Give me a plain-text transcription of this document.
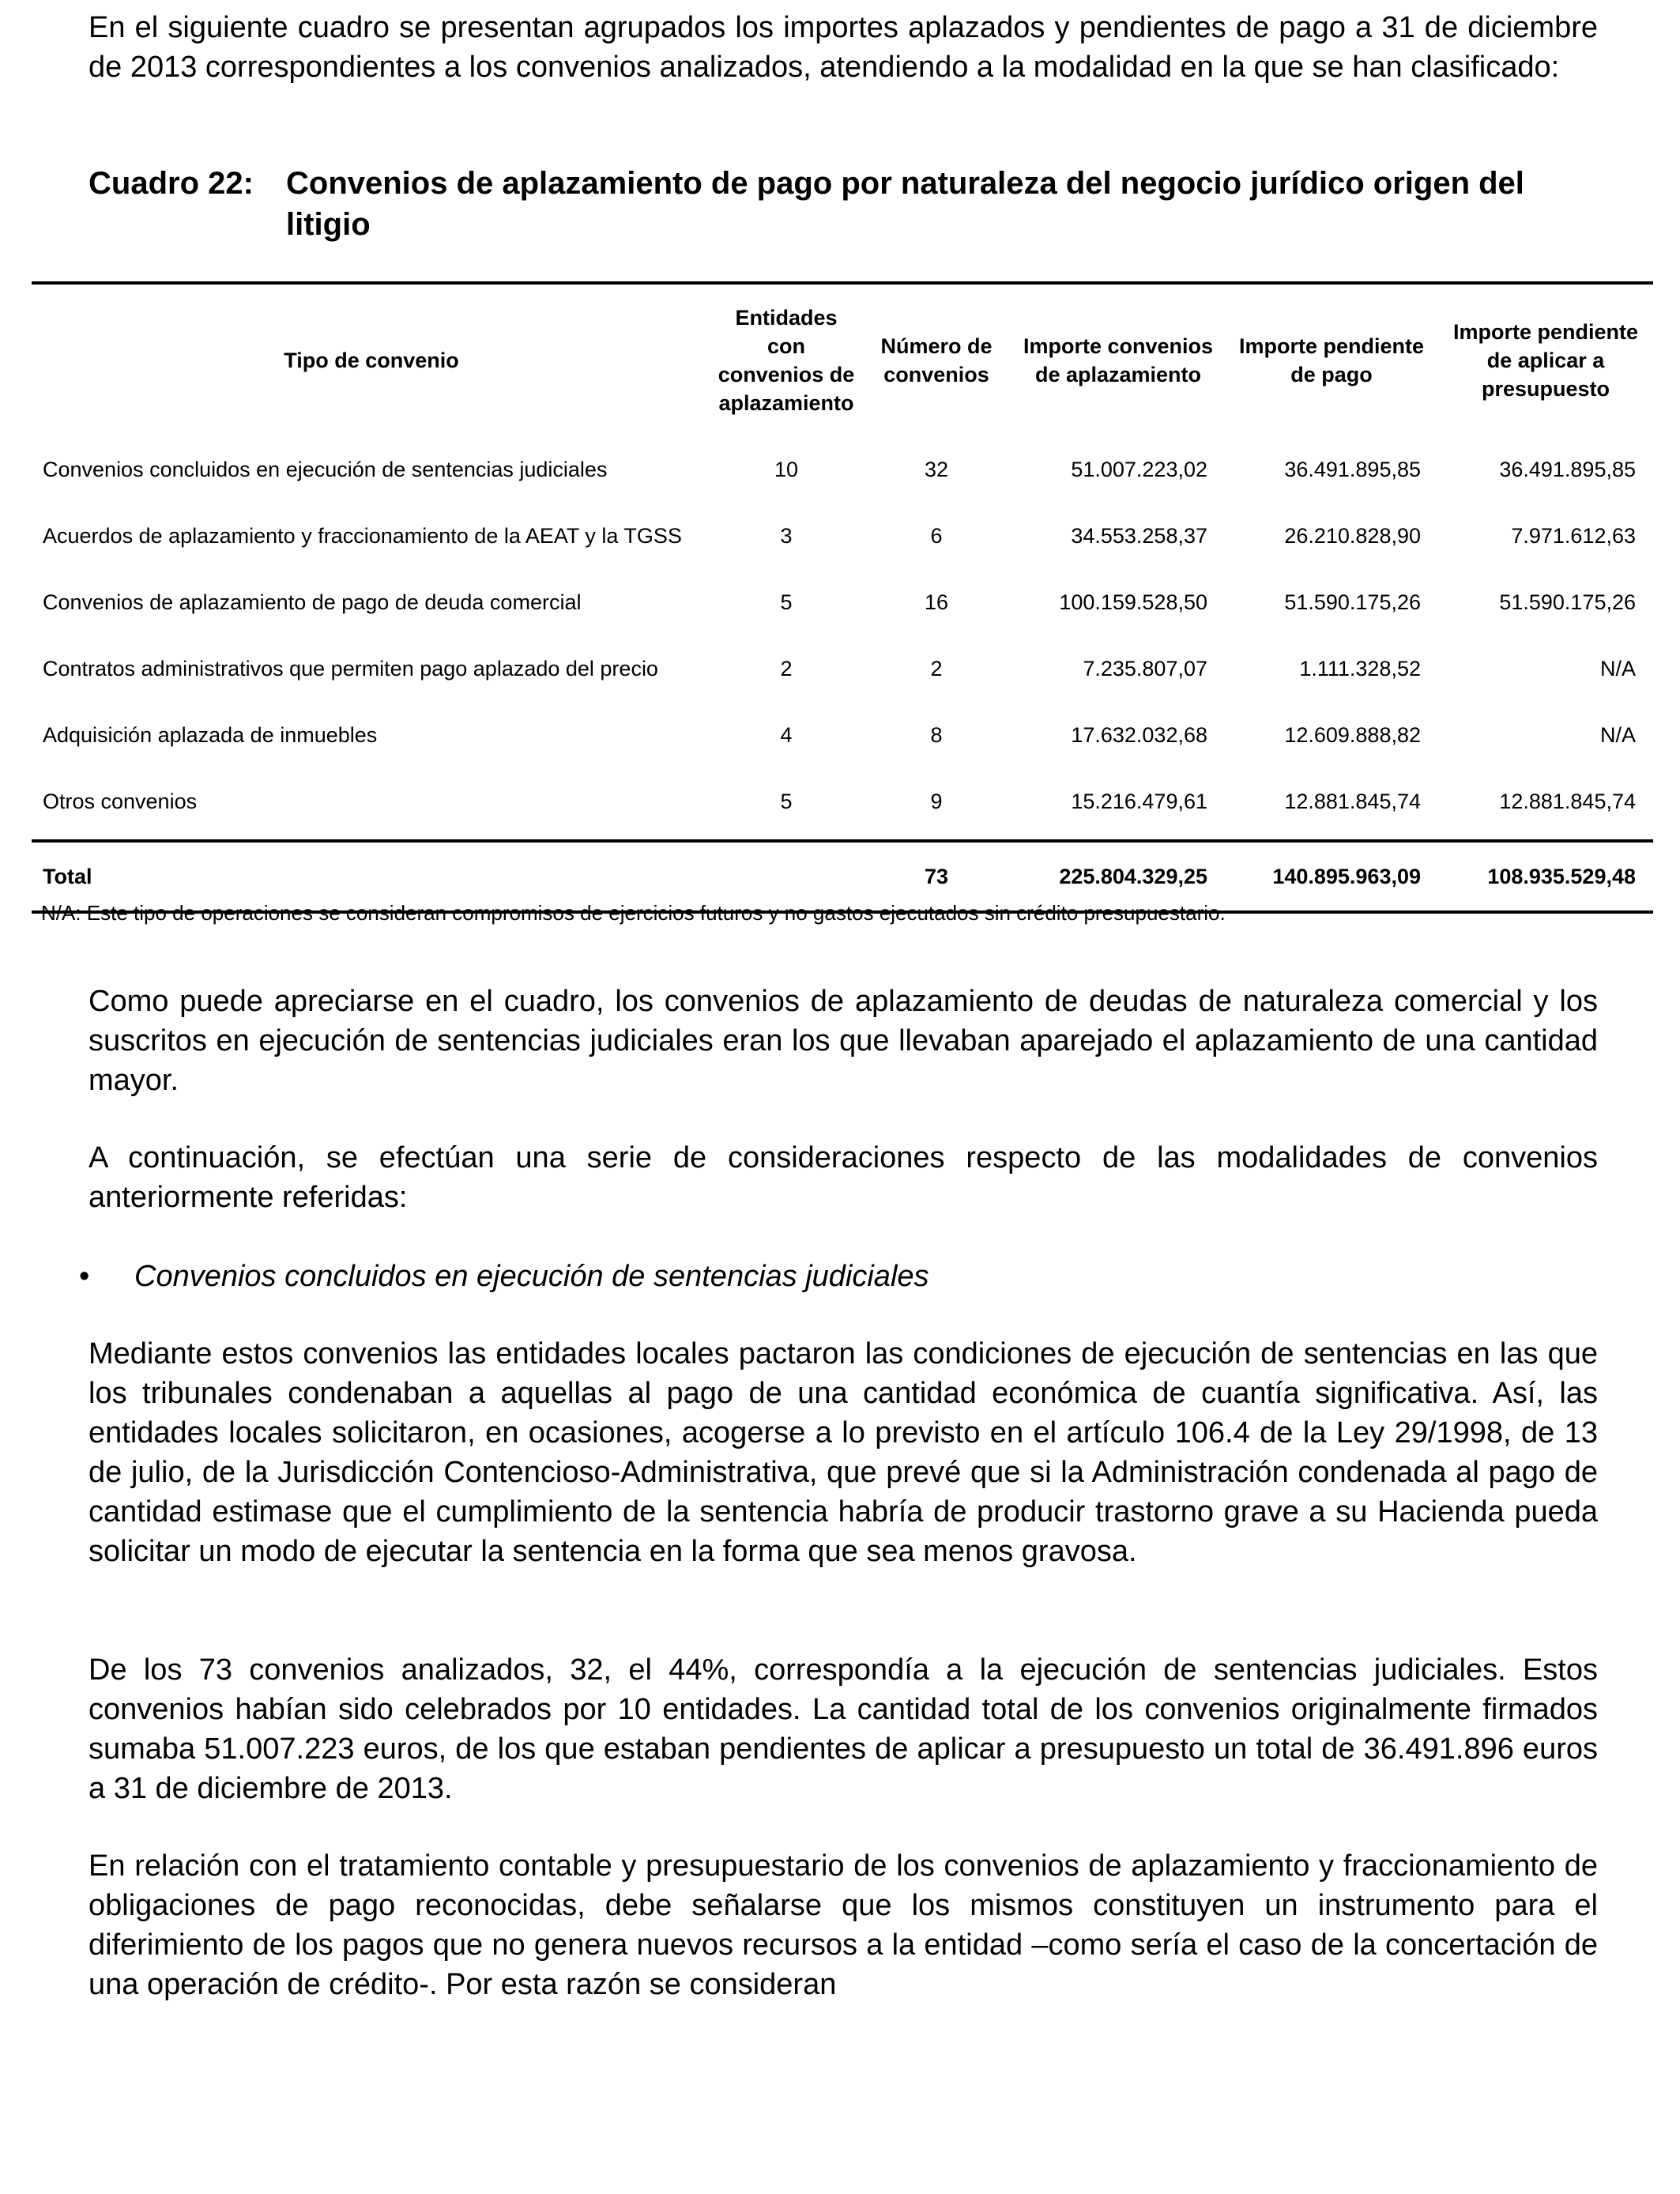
En el siguiente cuadro se presentan agrupados los importes aplazados y pendientes de pago a 31 de diciembre de 2013 correspondientes a los convenios analizados, atendiendo a la modalidad en la que se han clasificado:

Cuadro 22:	Convenios de aplazamiento de pago por naturaleza del negocio jurídico origen del litigio
Tipo de convenio	Entidades con convenios de aplazamiento	Número de convenios	Importe convenios de aplazamiento	Importe pendiente de pago	Importe pendiente de aplicar a presupuesto
Convenios concluidos en ejecución de sentencias judiciales	10	32	51.007.223,02	36.491.895,85	36.491.895,85
Acuerdos de aplazamiento y fraccionamiento de la AEAT y la TGSS	3	6	34.553.258,37	26.210.828,90	7.971.612,63
Convenios de aplazamiento de pago de deuda comercial	5	16	100.159.528,50	51.590.175,26	51.590.175,26
Contratos administrativos que permiten pago aplazado del precio	2	2	7.235.807,07	1.111.328,52	N/A
Adquisición aplazada de inmuebles	4	8	17.632.032,68	12.609.888,82	N/A
Otros convenios	5	9	15.216.479,61	12.881.845,74	12.881.845,74
Total		73	225.804.329,25	140.895.963,09	108.935.529,48
N/A: Este tipo de operaciones se consideran compromisos de ejercicios futuros y no gastos ejecutados sin crédito presupuestario.

Como puede apreciarse en el cuadro, los convenios de aplazamiento de deudas de naturaleza comercial y los suscritos en ejecución de sentencias judiciales eran los que llevaban aparejado el aplazamiento de una cantidad mayor.

A continuación, se efectúan una serie de consideraciones respecto de las modalidades de convenios anteriormente referidas:

• Convenios concluidos en ejecución de sentencias judiciales

Mediante estos convenios las entidades locales pactaron las condiciones de ejecución de sentencias en las que los tribunales condenaban a aquellas al pago de una cantidad económica de cuantía significativa. Así, las entidades locales solicitaron, en ocasiones, acogerse a lo previsto en el artículo 106.4 de la Ley 29/1998, de 13 de julio, de la Jurisdicción Contencioso-Administrativa, que prevé que si la Administración condenada al pago de cantidad estimase que el cumplimiento de la sentencia habría de producir trastorno grave a su Hacienda pueda solicitar un modo de ejecutar la sentencia en la forma que sea menos gravosa.

De los 73 convenios analizados, 32, el 44%, correspondía a la ejecución de sentencias judiciales. Estos convenios habían sido celebrados por 10 entidades. La cantidad total de los convenios originalmente firmados sumaba 51.007.223 euros, de los que estaban pendientes de aplicar a presupuesto un total de 36.491.896 euros a 31 de diciembre de 2013.

En relación con el tratamiento contable y presupuestario de los convenios de aplazamiento y fraccionamiento de obligaciones de pago reconocidas, debe señalarse que los mismos constituyen un instrumento para el diferimiento de los pagos que no genera nuevos recursos a la entidad –como sería el caso de la concertación de una operación de crédito-. Por esta razón se consideran
